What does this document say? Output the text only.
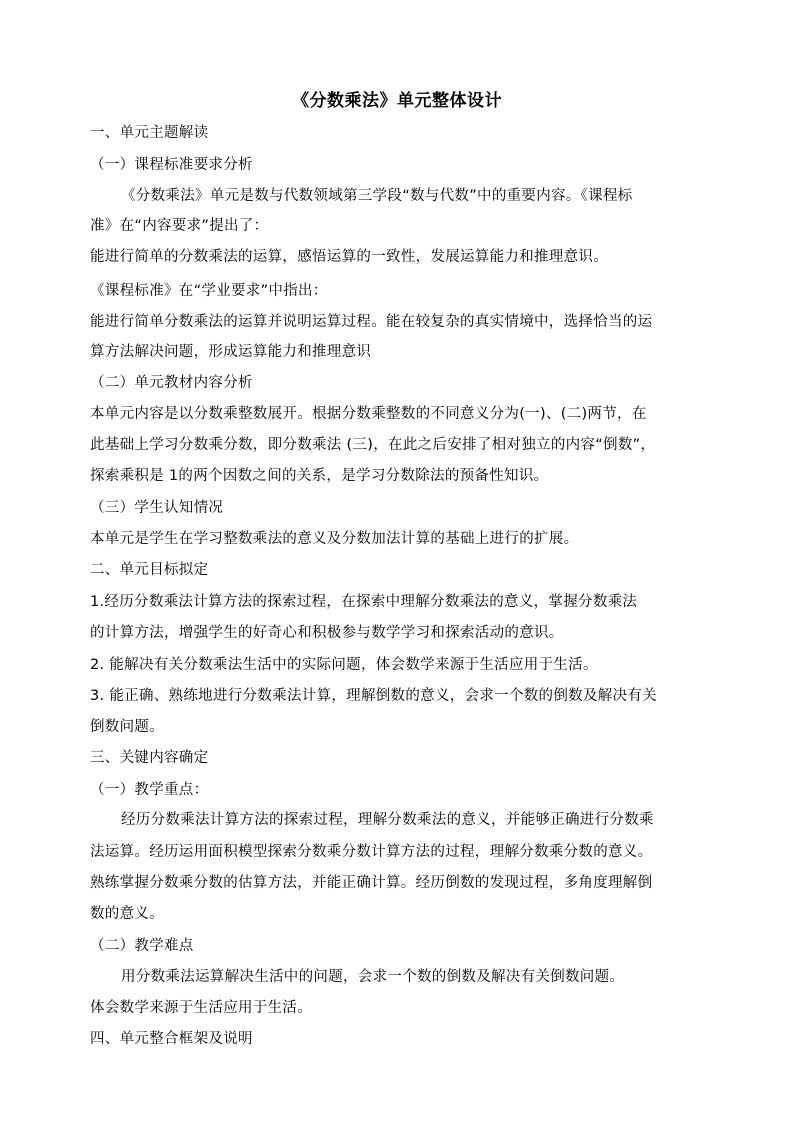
《分数乘法》单元整体设计
一、单元主题解读
（一）课程标准要求分析
《分数乘法》单元是数与代数领域第三学段“数与代数”中的重要内容。《课程标
准》在“内容要求”提出了：
能进行简单的分数乘法的运算，感悟运算的一致性，发展运算能力和推理意识。
《课程标准》在“学业要求”中指出：
能进行简单分数乘法的运算并说明运算过程。能在较复杂的真实情境中，选择恰当的运
算方法解决问题，形成运算能力和推理意识
（二）单元教材内容分析
本单元内容是以分数乘整数展开。根据分数乘整数的不同意义分为(一)、(二)两节，在
此基础上学习分数乘分数，即分数乘法 (三)，在此之后安排了相对独立的内容“倒数”，
探索乘积是 1的两个因数之间的关系，是学习分数除法的预备性知识。
（三）学生认知情况
本单元是学生在学习整数乘法的意义及分数加法计算的基础上进行的扩展。
二、单元目标拟定
1.经历分数乘法计算方法的探索过程，在探索中理解分数乘法的意义，掌握分数乘法
的计算方法，增强学生的好奇心和积极参与数学学习和探索活动的意识。
2. 能解决有关分数乘法生活中的实际问题，体会数学来源于生活应用于生活。
3. 能正确、熟练地进行分数乘法计算，理解倒数的意义，会求一个数的倒数及解决有关
倒数问题。
三、关键内容确定
（一）教学重点：
经历分数乘法计算方法的探索过程，理解分数乘法的意义，并能够正确进行分数乘
法运算。经历运用面积模型探索分数乘分数计算方法的过程，理解分数乘分数的意义。
熟练掌握分数乘分数的估算方法，并能正确计算。经历倒数的发现过程，多角度理解倒
数的意义。
（二）教学难点
用分数乘法运算解决生活中的问题，会求一个数的倒数及解决有关倒数问题。
体会数学来源于生活应用于生活。
四、单元整合框架及说明
